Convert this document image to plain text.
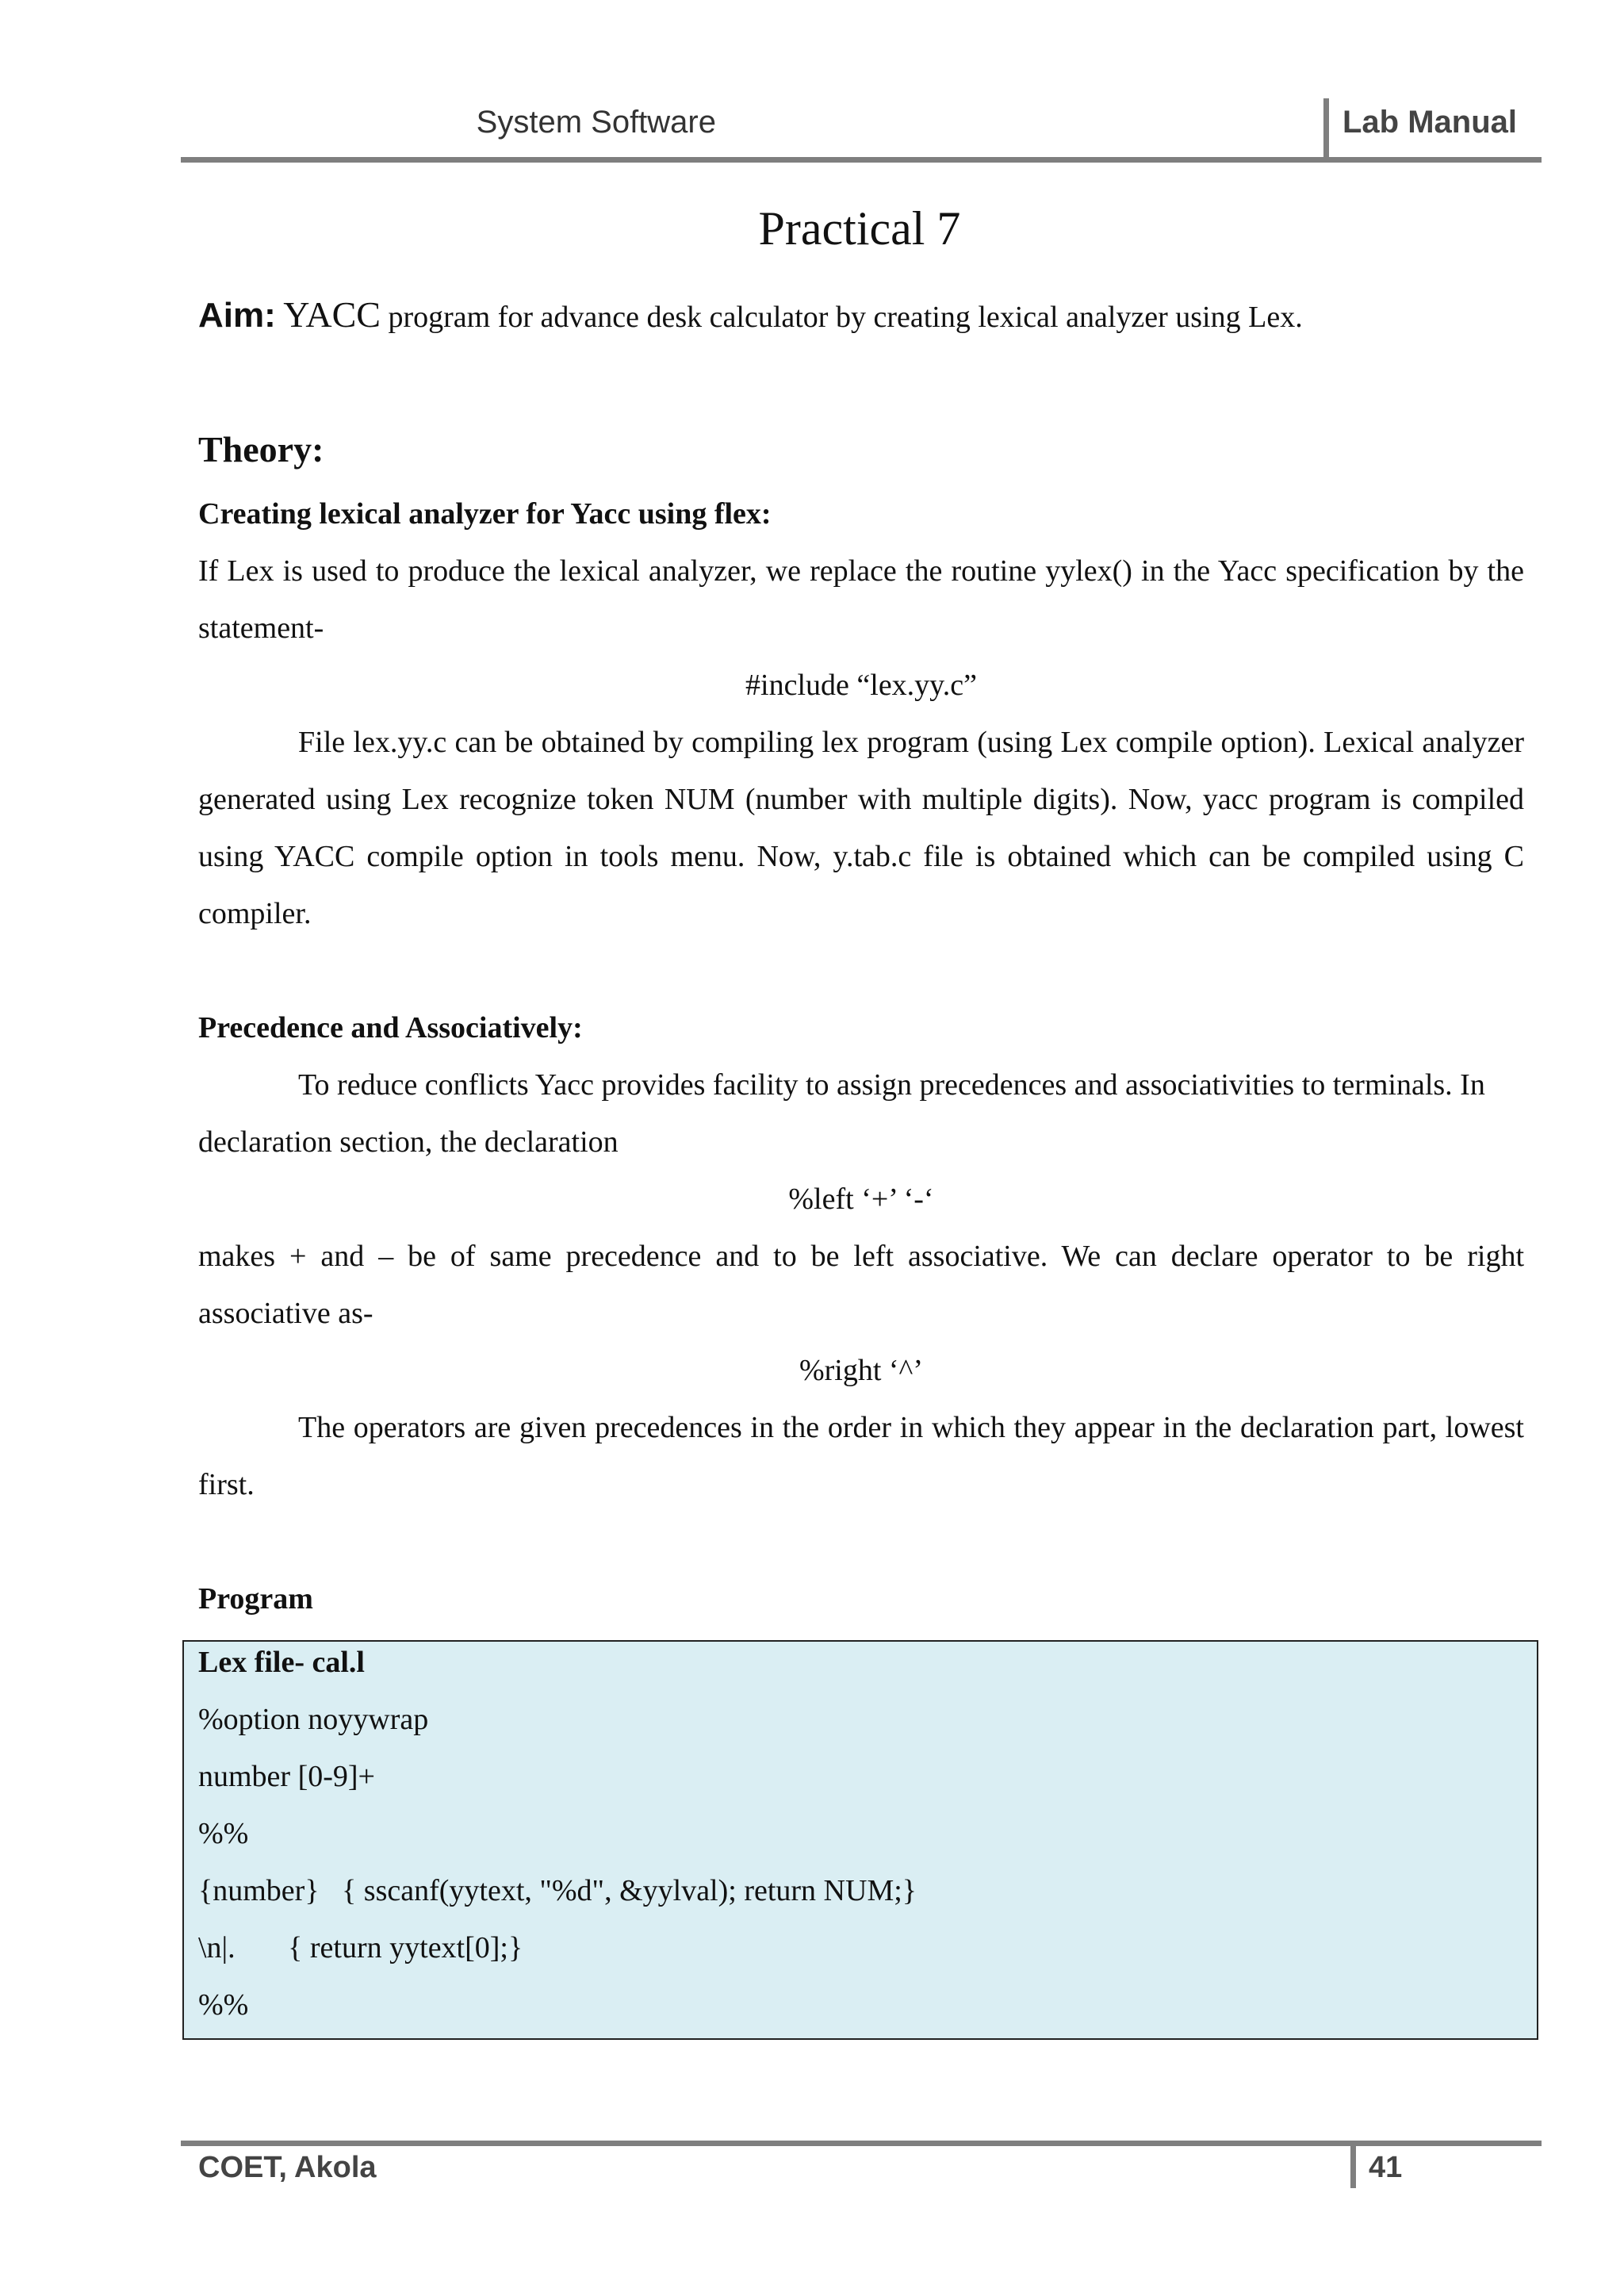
System Software	Lab Manual
Practical 7
Aim: YACC program for advance desk calculator by creating lexical analyzer using Lex.
Theory:
Creating lexical analyzer for Yacc using flex:
If Lex is used to produce the lexical analyzer, we replace the routine yylex() in the Yacc specification by the statement-
#include “lex.yy.c”
File lex.yy.c can be obtained by compiling lex program (using Lex compile option). Lexical analyzer generated using Lex recognize token NUM (number with multiple digits). Now, yacc program is compiled using YACC compile option in tools menu. Now, y.tab.c file is obtained which can be compiled using C compiler.
Precedence and Associatively:
To reduce conflicts Yacc provides facility to assign precedences and associativities to terminals. In declaration section, the declaration
%left ‘+’ ‘-‘
makes + and – be of same precedence and to be left associative. We can declare operator to be right associative as-
%right ‘^’
The operators are given precedences in the order in which they appear in the declaration part, lowest first.
Program
Lex file- cal.l
%option noyywrap
number [0-9]+
%%
{number}   { sscanf(yytext, "%d", &yylval); return NUM;}
\n|.       { return yytext[0];}
%%
COET, Akola	41
